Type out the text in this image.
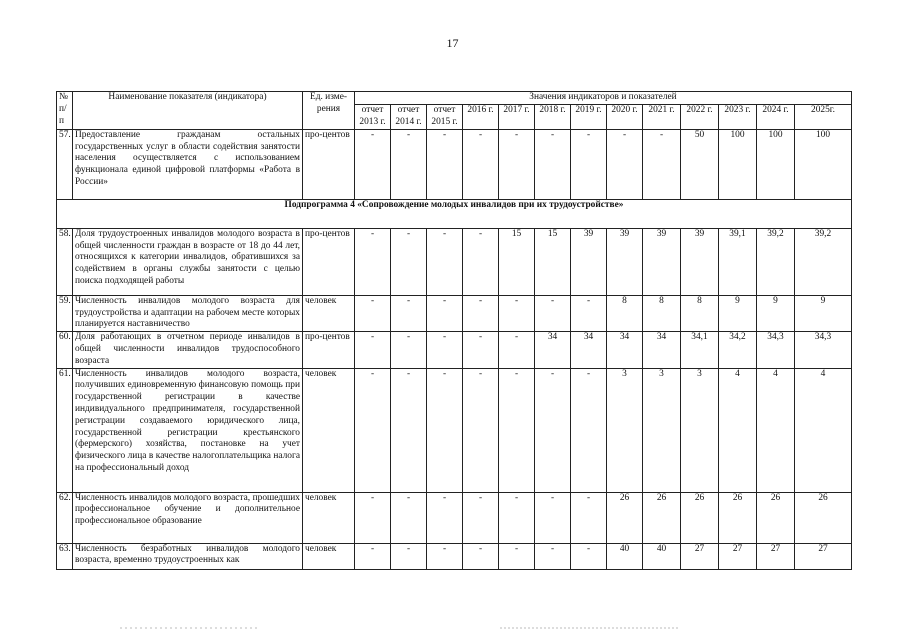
17
№ п/п	Наименование показателя (индикатора)	Ед. изме-рения	Значения индикаторов и показателей												
			отчет 2013 г.	отчет 2014 г.	отчет 2015 г.	2016 г.	2017 г.	2018 г.	2019 г.	2020 г.	2021 г.	2022 г.	2023 г.	2024 г.	2025г.
57.	Предоставление гражданам остальных государственных услуг в области содействия занятости населения осуществляется с использованием функционала единой цифровой платформы «Работа в России»	про-центов	-	-	-	-	-	-	-	-	-	50	100	100	100
Подпрограмма 4 «Сопровождение молодых инвалидов при их трудоустройстве»															
58.	Доля трудоустроенных инвалидов молодого возраста в общей численности граждан в возрасте от 18 до 44 лет, относящихся к категории инвалидов, обратившихся за содействием в органы службы занятости с целью поиска подходящей работы	про-центов	-	-	-	-	15	15	39	39	39	39	39,1	39,2	39,2
59.	Численность инвалидов молодого возраста для трудоустройства и адаптации на рабочем месте которых планируется наставничество	человек	-	-	-	-	-	-	-	8	8	8	9	9	9
60.	Доля работающих в отчетном периоде инвалидов в общей численности инвалидов трудоспособного возраста	про-центов	-	-	-	-	-	34	34	34	34	34,1	34,2	34,3	34,3
61.	Численность инвалидов молодого возраста, получивших единовременную финансовую помощь при государственной регистрации в качестве индивидуального предпринимателя, государственной регистрации создаваемого юридического лица, государственной регистрации крестьянского (фермерского) хозяйства, постановке на учет физического лица в качестве налогоплательщика налога на профессиональный доход	человек	-	-	-	-	-	-	-	3	3	3	4	4	4
62.	Численность инвалидов молодого возраста, прошедших профессиональное обучение и дополнительное профессиональное образование	человек	-	-	-	-	-	-	-	26	26	26	26	26	26
63.	Численность безработных инвалидов молодого возраста, временно трудоустроенных как	человек	-	-	-	-	-	-	-	40	40	27	27	27	27
